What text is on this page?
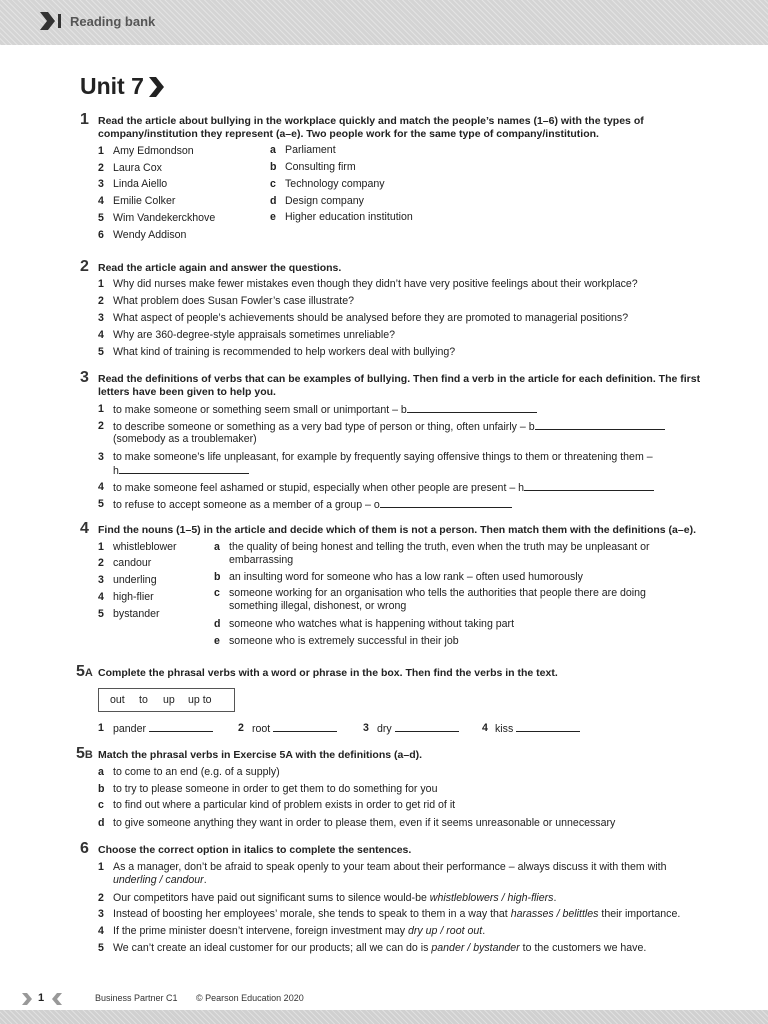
Reading bank
Unit 7
1 Read the article about bullying in the workplace quickly and match the people’s names (1–6) with the types of company/institution they represent (a–e). Two people work for the same type of company/institution.
1 Amy Edmondson
2 Laura Cox
3 Linda Aiello
4 Emilie Colker
5 Wim Vandekerckhove
6 Wendy Addison
a Parliament
b Consulting firm
c Technology company
d Design company
e Higher education institution
2 Read the article again and answer the questions.
1 Why did nurses make fewer mistakes even though they didn’t have very positive feelings about their workplace?
2 What problem does Susan Fowler’s case illustrate?
3 What aspect of people’s achievements should be analysed before they are promoted to managerial positions?
4 Why are 360-degree-style appraisals sometimes unreliable?
5 What kind of training is recommended to help workers deal with bullying?
3 Read the definitions of verbs that can be examples of bullying. Then find a verb in the article for each definition. The first letters have been given to help you.
1 to make someone or something seem small or unimportant – b
2 to describe someone or something as a very bad type of person or thing, often unfairly – b
(somebody as a troublemaker)
3 to make someone’s life unpleasant, for example by frequently saying offensive things to them or threatening them –
h
4 to make someone feel ashamed or stupid, especially when other people are present – h
5 to refuse to accept someone as a member of a group – o
4 Find the nouns (1–5) in the article and decide which of them is not a person. Then match them with the definitions (a–e).
1 whistleblower
2 candour
3 underling
4 high-flier
5 bystander
a the quality of being honest and telling the truth, even when the truth may be unpleasant or
embarrassing
b an insulting word for someone who has a low rank – often used humorously
c someone working for an organisation who tells the authorities that people there are doing
something illegal, dishonest, or wrong
d someone who watches what is happening without taking part
e someone who is extremely successful in their job
5A Complete the phrasal verbs with a word or phrase in the box. Then find the verbs in the text.
out to up up to
1 pander	2 root	3 dry	4 kiss
5B Match the phrasal verbs in Exercise 5A with the definitions (a–d).
a to come to an end (e.g. of a supply)
b to try to please someone in order to get them to do something for you
c to find out where a particular kind of problem exists in order to get rid of it
d to give someone anything they want in order to please them, even if it seems unreasonable or unnecessary
6 Choose the correct option in italics to complete the sentences.
1 As a manager, don’t be afraid to speak openly to your team about their performance – always discuss it with them with
underling / candour.
2 Our competitors have paid out significant sums to silence would-be whistleblowers / high-fliers.
3 Instead of boosting her employees’ morale, she tends to speak to them in a way that harasses / belittles their importance.
4 If the prime minister doesn’t intervene, foreign investment may dry up / root out.
5 We can’t create an ideal customer for our products; all we can do is pander / bystander to the customers we have.
1	Business Partner C1 © Pearson Education 2020
